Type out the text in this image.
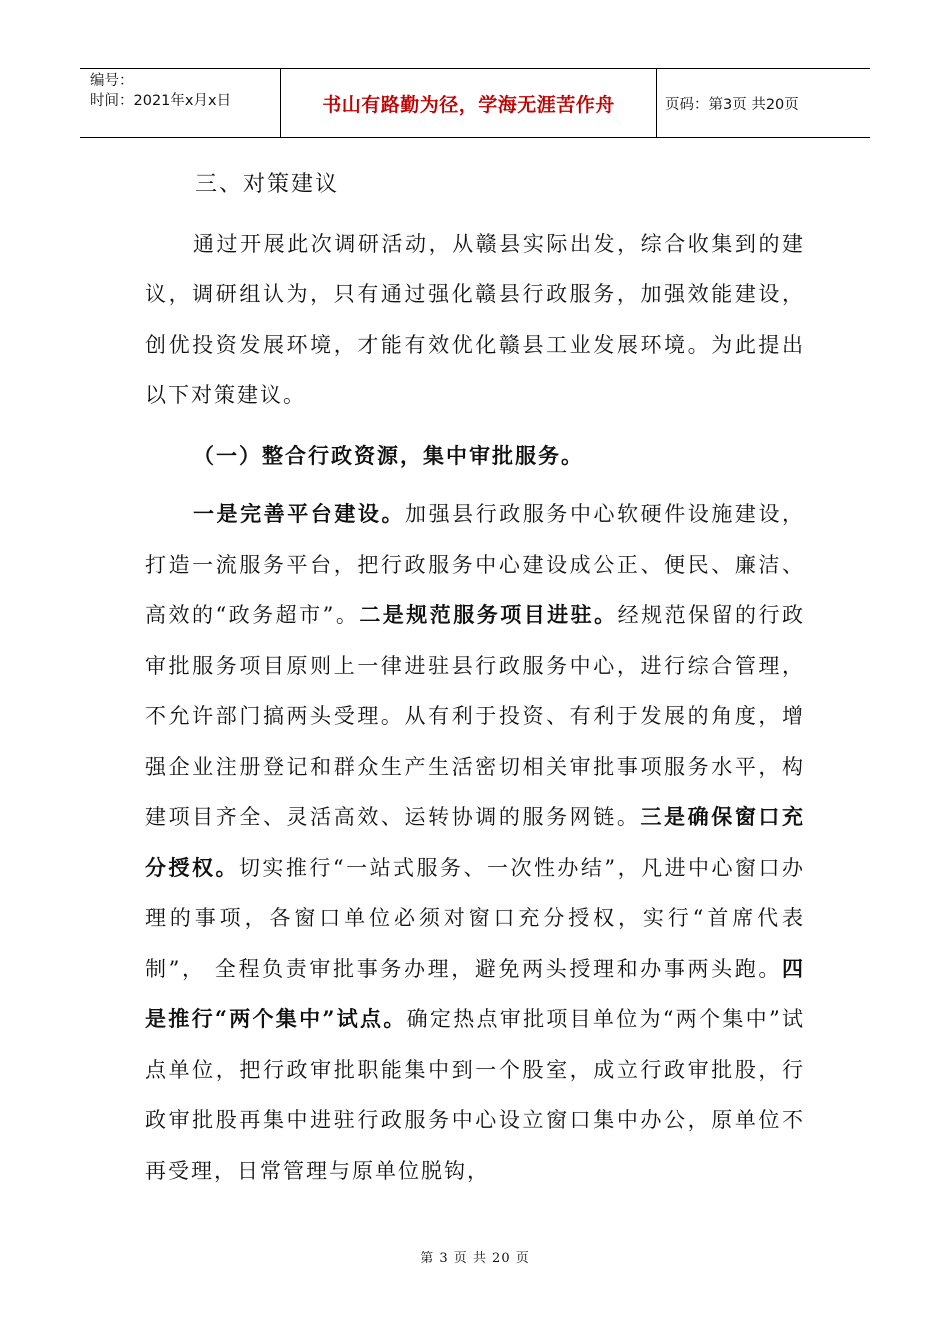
编号：
时间：2021年x月x日	书山有路勤为径，学海无涯苦作舟	页码：第3页 共20页

三、对策建议

通过开展此次调研活动，从赣县实际出发，综合收集到的建议，调研组认为，只有通过强化赣县行政服务，加强效能建设，创优投资发展环境，才能有效优化赣县工业发展环境。为此提出以下对策建议。

（一）整合行政资源，集中审批服务。

一是完善平台建设。加强县行政服务中心软硬件设施建设，打造一流服务平台，把行政服务中心建设成公正、便民、廉洁、高效的“政务超市”。二是规范服务项目进驻。经规范保留的行政审批服务项目原则上一律进驻县行政服务中心，进行综合管理，不允许部门搞两头受理。从有利于投资、有利于发展的角度，增强企业注册登记和群众生产生活密切相关审批事项服务水平，构建项目齐全、灵活高效、运转协调的服务网链。三是确保窗口充分授权。切实推行“一站式服务、一次性办结”，凡进中心窗口办理的事项，各窗口单位必须对窗口充分授权，实行“首席代表制”， 全程负责审批事务办理，避免两头授理和办事两头跑。四是推行“两个集中”试点。确定热点审批项目单位为“两个集中”试点单位，把行政审批职能集中到一个股室，成立行政审批股，行政审批股再集中进驻行政服务中心设立窗口集中办公，原单位不再受理，日常管理与原单位脱钩，

第 3 页 共 20 页
